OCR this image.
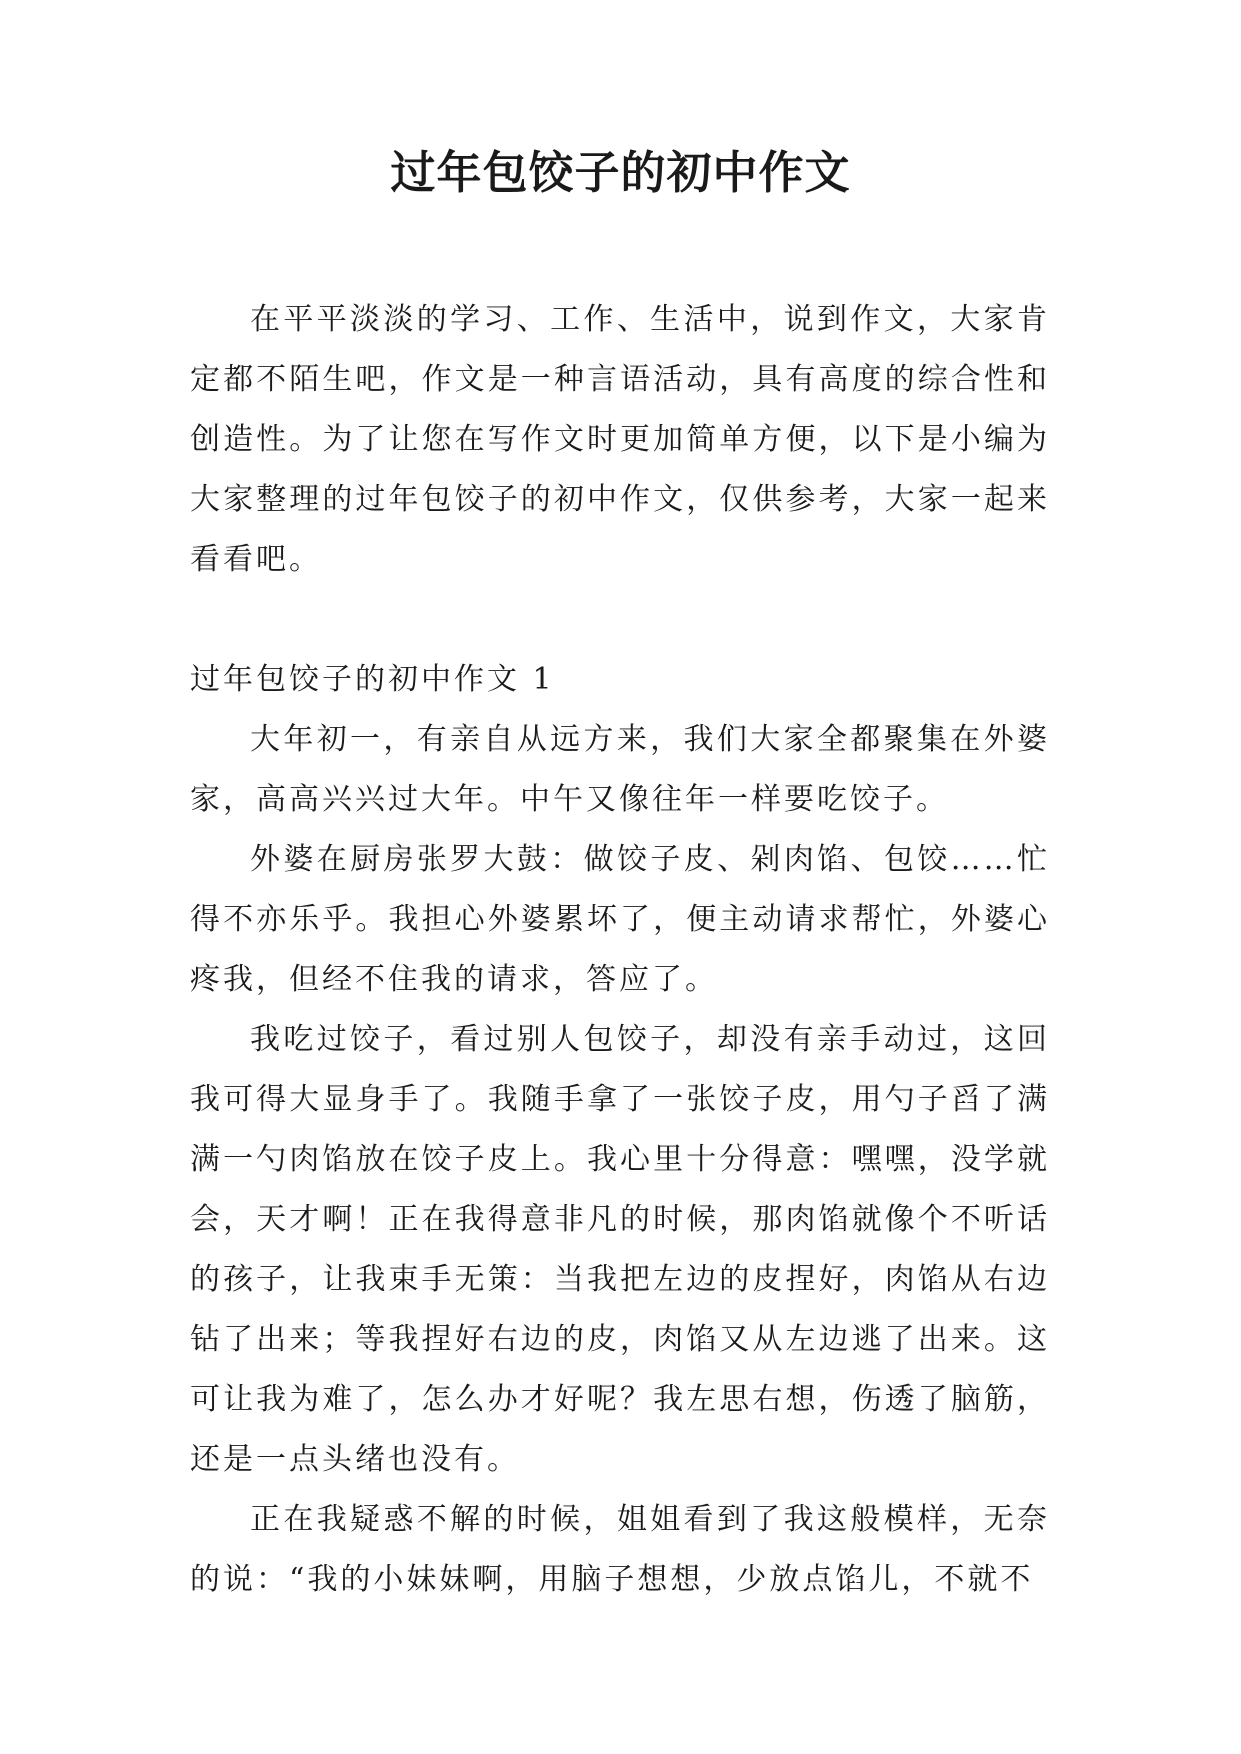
过年包饺子的初中作文

在平平淡淡的学习、工作、生活中，说到作文，大家肯定都不陌生吧，作文是一种言语活动，具有高度的综合性和创造性。为了让您在写作文时更加简单方便，以下是小编为大家整理的过年包饺子的初中作文，仅供参考，大家一起来看看吧。

过年包饺子的初中作文 1

大年初一，有亲自从远方来，我们大家全都聚集在外婆家，高高兴兴过大年。中午又像往年一样要吃饺子。

外婆在厨房张罗大鼓：做饺子皮、剁肉馅、包饺……忙得不亦乐乎。我担心外婆累坏了，便主动请求帮忙，外婆心疼我，但经不住我的请求，答应了。

我吃过饺子，看过别人包饺子，却没有亲手动过，这回我可得大显身手了。我随手拿了一张饺子皮，用勺子舀了满满一勺肉馅放在饺子皮上。我心里十分得意：嘿嘿，没学就会，天才啊！正在我得意非凡的时候，那肉馅就像个不听话的孩子，让我束手无策：当我把左边的皮捏好，肉馅从右边钻了出来；等我捏好右边的皮，肉馅又从左边逃了出来。这可让我为难了，怎么办才好呢？我左思右想，伤透了脑筋，还是一点头绪也没有。

正在我疑惑不解的时候，姐姐看到了我这般模样，无奈的说：“我的小妹妹啊，用脑子想想，少放点馅儿，不就不
